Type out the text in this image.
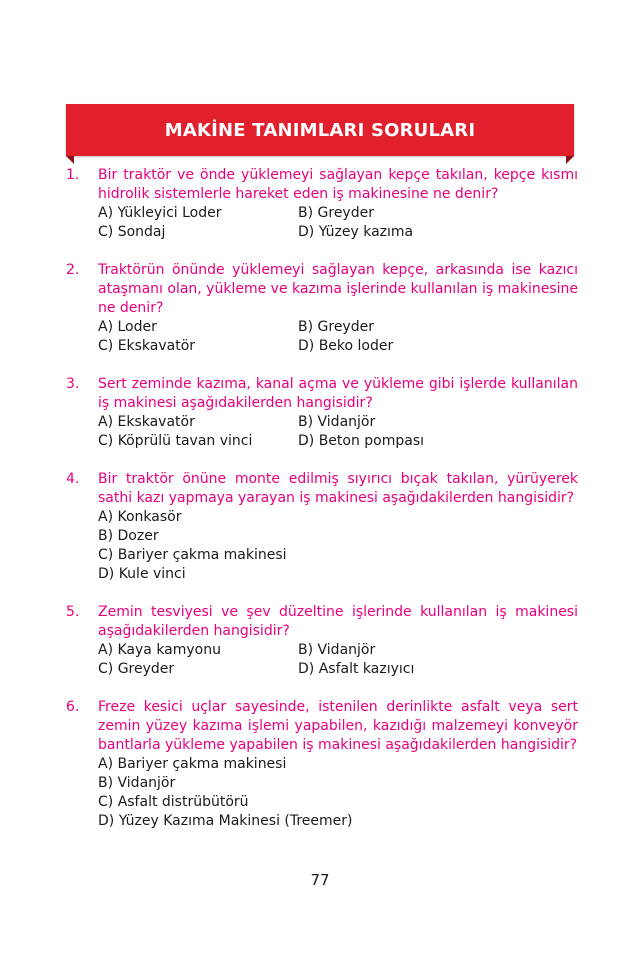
MAKİNE TANIMLARI SORULARI
1. Bir traktör ve önde yüklemeyi sağlayan kepçe takılan, kepçe kısmı hidrolik sistemlerle hareket eden iş makinesine ne denir?
A) Yükleyici Loder	B) Greyder
C) Sondaj	D) Yüzey kazıma
2. Traktörün önünde yüklemeyi sağlayan kepçe, arkasında ise kazıcı ataşmanı olan, yükleme ve kazıma işlerinde kullanılan iş makinesine ne denir?
A) Loder	B) Greyder
C) Ekskavatör	D) Beko loder
3. Sert zeminde kazıma, kanal açma ve yükleme gibi işlerde kullanılan iş makinesi aşağıdakilerden hangisidir?
A) Ekskavatör	B) Vidanjör
C) Köprülü tavan vinci	D) Beton pompası
4. Bir traktör önüne monte edilmiş sıyırıcı bıçak takılan, yürüyerek sathi kazı yapmaya yarayan iş makinesi aşağıdakilerden hangisidir?
A) Konkasör
B) Dozer
C) Bariyer çakma makinesi
D) Kule vinci
5. Zemin tesviyesi ve şev düzeltine işlerinde kullanılan iş makinesi aşağıdakilerden hangisidir?
A) Kaya kamyonu	B) Vidanjör
C) Greyder	D) Asfalt kazıyıcı
6. Freze kesici uçlar sayesinde, istenilen derinlikte asfalt veya sert zemin yüzey kazıma işlemi yapabilen, kazıdığı malzemeyi konveyör bantlarla yükleme yapabilen iş makinesi aşağıdakilerden hangisidir?
A) Bariyer çakma makinesi
B) Vidanjör
C) Asfalt distrübütörü
D) Yüzey Kazıma Makinesi (Treemer)
77
